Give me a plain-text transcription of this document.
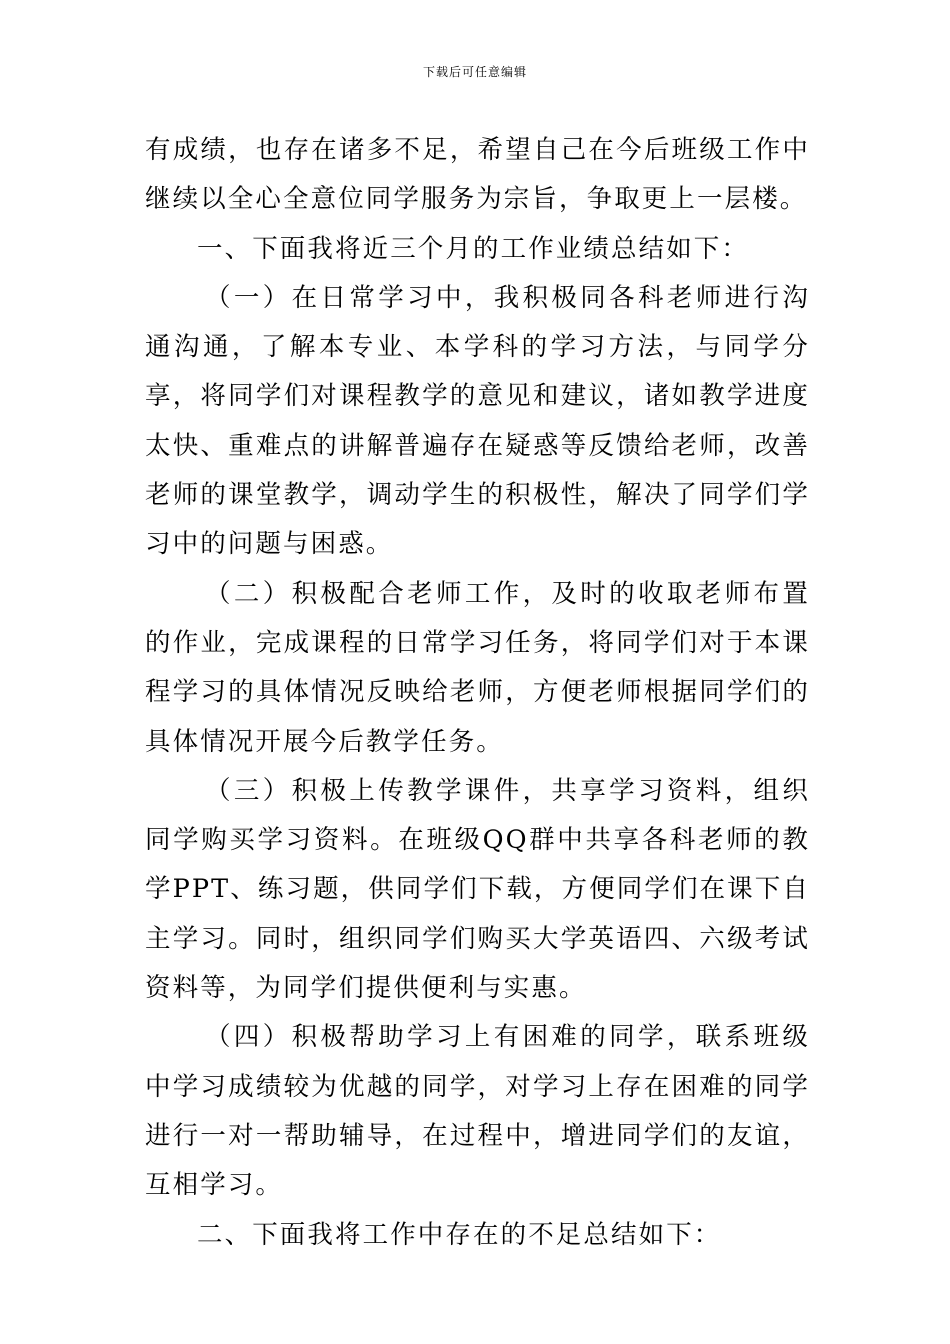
下载后可任意编辑

有成绩，也存在诸多不足，希望自己在今后班级工作中继续以全心全意位同学服务为宗旨，争取更上一层楼。

一、下面我将近三个月的工作业绩总结如下：

（一）在日常学习中，我积极同各科老师进行沟通沟通，了解本专业、本学科的学习方法，与同学分享，将同学们对课程教学的意见和建议，诸如教学进度太快、重难点的讲解普遍存在疑惑等反馈给老师，改善老师的课堂教学，调动学生的积极性，解决了同学们学习中的问题与困惑。

（二）积极配合老师工作，及时的收取老师布置的作业，完成课程的日常学习任务，将同学们对于本课程学习的具体情况反映给老师，方便老师根据同学们的具体情况开展今后教学任务。

（三）积极上传教学课件，共享学习资料，组织同学购买学习资料。在班级QQ群中共享各科老师的教学PPT、练习题，供同学们下载，方便同学们在课下自主学习。同时，组织同学们购买大学英语四、六级考试资料等，为同学们提供便利与实惠。

（四）积极帮助学习上有困难的同学，联系班级中学习成绩较为优越的同学，对学习上存在困难的同学进行一对一帮助辅导，在过程中，增进同学们的友谊，互相学习。

二、下面我将工作中存在的不足总结如下：
